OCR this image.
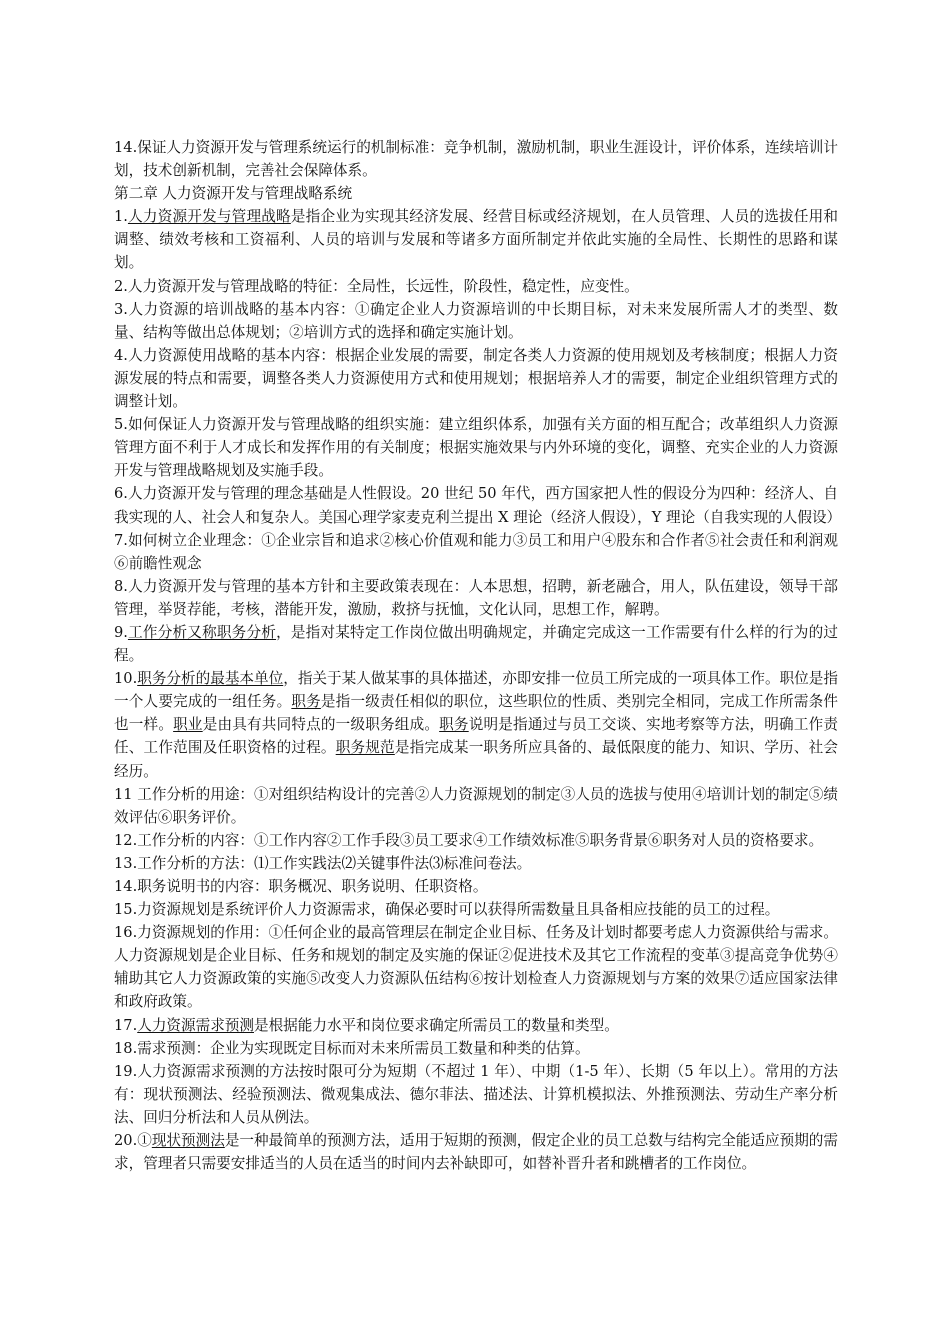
14.保证人力资源开发与管理系统运行的机制标准：竞争机制，激励机制，职业生涯设计，评价体系，连续培训计划，技术创新机制，完善社会保障体系。

第二章 人力资源开发与管理战略系统

1.人力资源开发与管理战略是指企业为实现其经济发展、经营目标或经济规划，在人员管理、人员的选拔任用和调整、绩效考核和工资福利、人员的培训与发展和等诸多方面所制定并依此实施的全局性、长期性的思路和谋划。

2.人力资源开发与管理战略的特征：全局性，长远性，阶段性，稳定性，应变性。

3.人力资源的培训战略的基本内容：①确定企业人力资源培训的中长期目标，对未来发展所需人才的类型、数量、结构等做出总体规划；②培训方式的选择和确定实施计划。

4.人力资源使用战略的基本内容：根据企业发展的需要，制定各类人力资源的使用规划及考核制度；根据人力资源发展的特点和需要，调整各类人力资源使用方式和使用规划；根据培养人才的需要，制定企业组织管理方式的调整计划。

5.如何保证人力资源开发与管理战略的组织实施：建立组织体系，加强有关方面的相互配合；改革组织人力资源管理方面不利于人才成长和发挥作用的有关制度；根据实施效果与内外环境的变化，调整、充实企业的人力资源开发与管理战略规划及实施手段。

6.人力资源开发与管理的理念基础是人性假设。20 世纪 50 年代，西方国家把人性的假设分为四种：经济人、自我实现的人、社会人和复杂人。美国心理学家麦克利兰提出 X 理论（经济人假设），Y 理论（自我实现的人假设）

7.如何树立企业理念：①企业宗旨和追求②核心价值观和能力③员工和用户④股东和合作者⑤社会责任和利润观⑥前瞻性观念

8.人力资源开发与管理的基本方针和主要政策表现在：人本思想，招聘，新老融合，用人，队伍建设，领导干部管理，举贤荐能，考核，潜能开发，激励，救挤与抚恤，文化认同，思想工作，解聘。

9.工作分析又称职务分析，是指对某特定工作岗位做出明确规定，并确定完成这一工作需要有什么样的行为的过程。

10.职务分析的最基本单位，指关于某人做某事的具体描述，亦即安排一位员工所完成的一项具体工作。职位是指一个人要完成的一组任务。职务是指一级责任相似的职位，这些职位的性质、类别完全相同，完成工作所需条件也一样。职业是由具有共同特点的一级职务组成。职务说明是指通过与员工交谈、实地考察等方法，明确工作责任、工作范围及任职资格的过程。职务规范是指完成某一职务所应具备的、最低限度的能力、知识、学历、社会经历。

11 工作分析的用途：①对组织结构设计的完善②人力资源规划的制定③人员的选拔与使用④培训计划的制定⑤绩效评估⑥职务评价。

12.工作分析的内容：①工作内容②工作手段③员工要求④工作绩效标准⑤职务背景⑥职务对人员的资格要求。

13.工作分析的方法：⑴工作实践法⑵关键事件法⑶标准问卷法。

14.职务说明书的内容：职务概况、职务说明、任职资格。

15.力资源规划是系统评价人力资源需求，确保必要时可以获得所需数量且具备相应技能的员工的过程。

16.力资源规划的作用：①任何企业的最高管理层在制定企业目标、任务及计划时都要考虑人力资源供给与需求。人力资源规划是企业目标、任务和规划的制定及实施的保证②促进技术及其它工作流程的变革③提高竞争优势④辅助其它人力资源政策的实施⑤改变人力资源队伍结构⑥按计划检查人力资源规划与方案的效果⑦适应国家法律和政府政策。

17.人力资源需求预测是根据能力水平和岗位要求确定所需员工的数量和类型。

18.需求预测：企业为实现既定目标而对未来所需员工数量和种类的估算。

19.人力资源需求预测的方法按时限可分为短期（不超过 1 年）、中期（1-5 年）、长期（5 年以上）。常用的方法有：现状预测法、经验预测法、微观集成法、德尔菲法、描述法、计算机模拟法、外推预测法、劳动生产率分析法、回归分析法和人员从例法。

20.①现状预测法是一种最简单的预测方法，适用于短期的预测，假定企业的员工总数与结构完全能适应预期的需求，管理者只需要安排适当的人员在适当的时间内去补缺即可，如替补晋升者和跳槽者的工作岗位。
